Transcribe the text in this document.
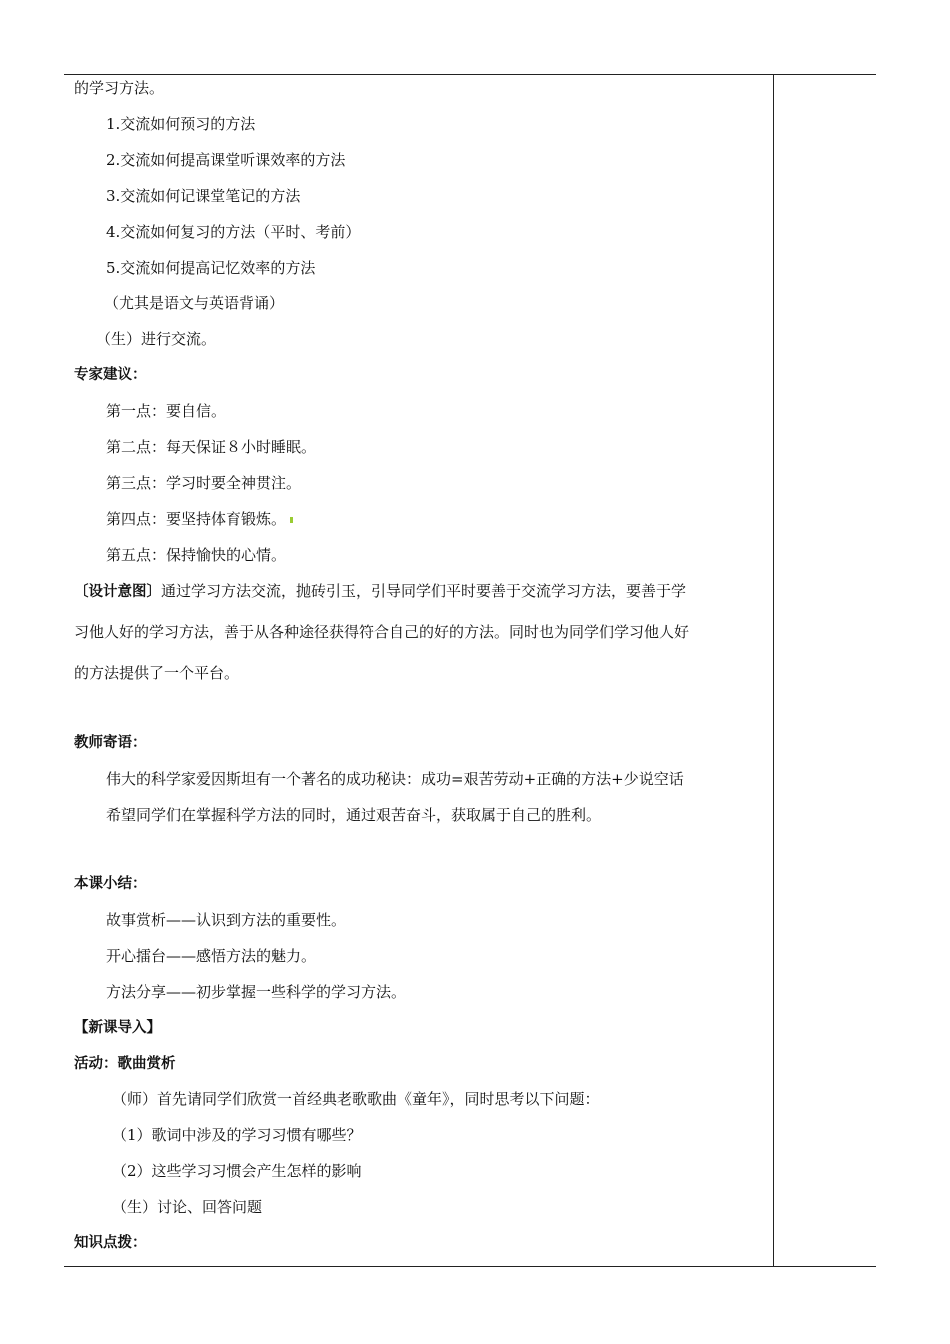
的学习方法。
1.交流如何预习的方法
2.交流如何提高课堂听课效率的方法
3.交流如何记课堂笔记的方法
4.交流如何复习的方法（平时、考前）
5.交流如何提高记忆效率的方法
（尤其是语文与英语背诵）
（生）进行交流。
专家建议：
第一点：要自信。
第二点：每天保证８小时睡眠。
第三点：学习时要全神贯注。
第四点：要坚持体育锻炼。
第五点：保持愉快的心情。
〔设计意图〕通过学习方法交流，抛砖引玉，引导同学们平时要善于交流学习方法，要善于学
习他人好的学习方法，善于从各种途径获得符合自己的好的方法。同时也为同学们学习他人好
的方法提供了一个平台。
教师寄语：
伟大的科学家爱因斯坦有一个著名的成功秘诀：成功=艰苦劳动+正确的方法+少说空话
希望同学们在掌握科学方法的同时，通过艰苦奋斗，获取属于自己的胜利。
本课小结：
故事赏析——认识到方法的重要性。
开心擂台——感悟方法的魅力。
方法分享——初步掌握一些科学的学习方法。
【新课导入】
活动：歌曲赏析
（师）首先请同学们欣赏一首经典老歌歌曲《童年》，同时思考以下问题：
（1）歌词中涉及的学习习惯有哪些？
（2）这些学习习惯会产生怎样的影响
（生）讨论、回答问题
知识点拨：
